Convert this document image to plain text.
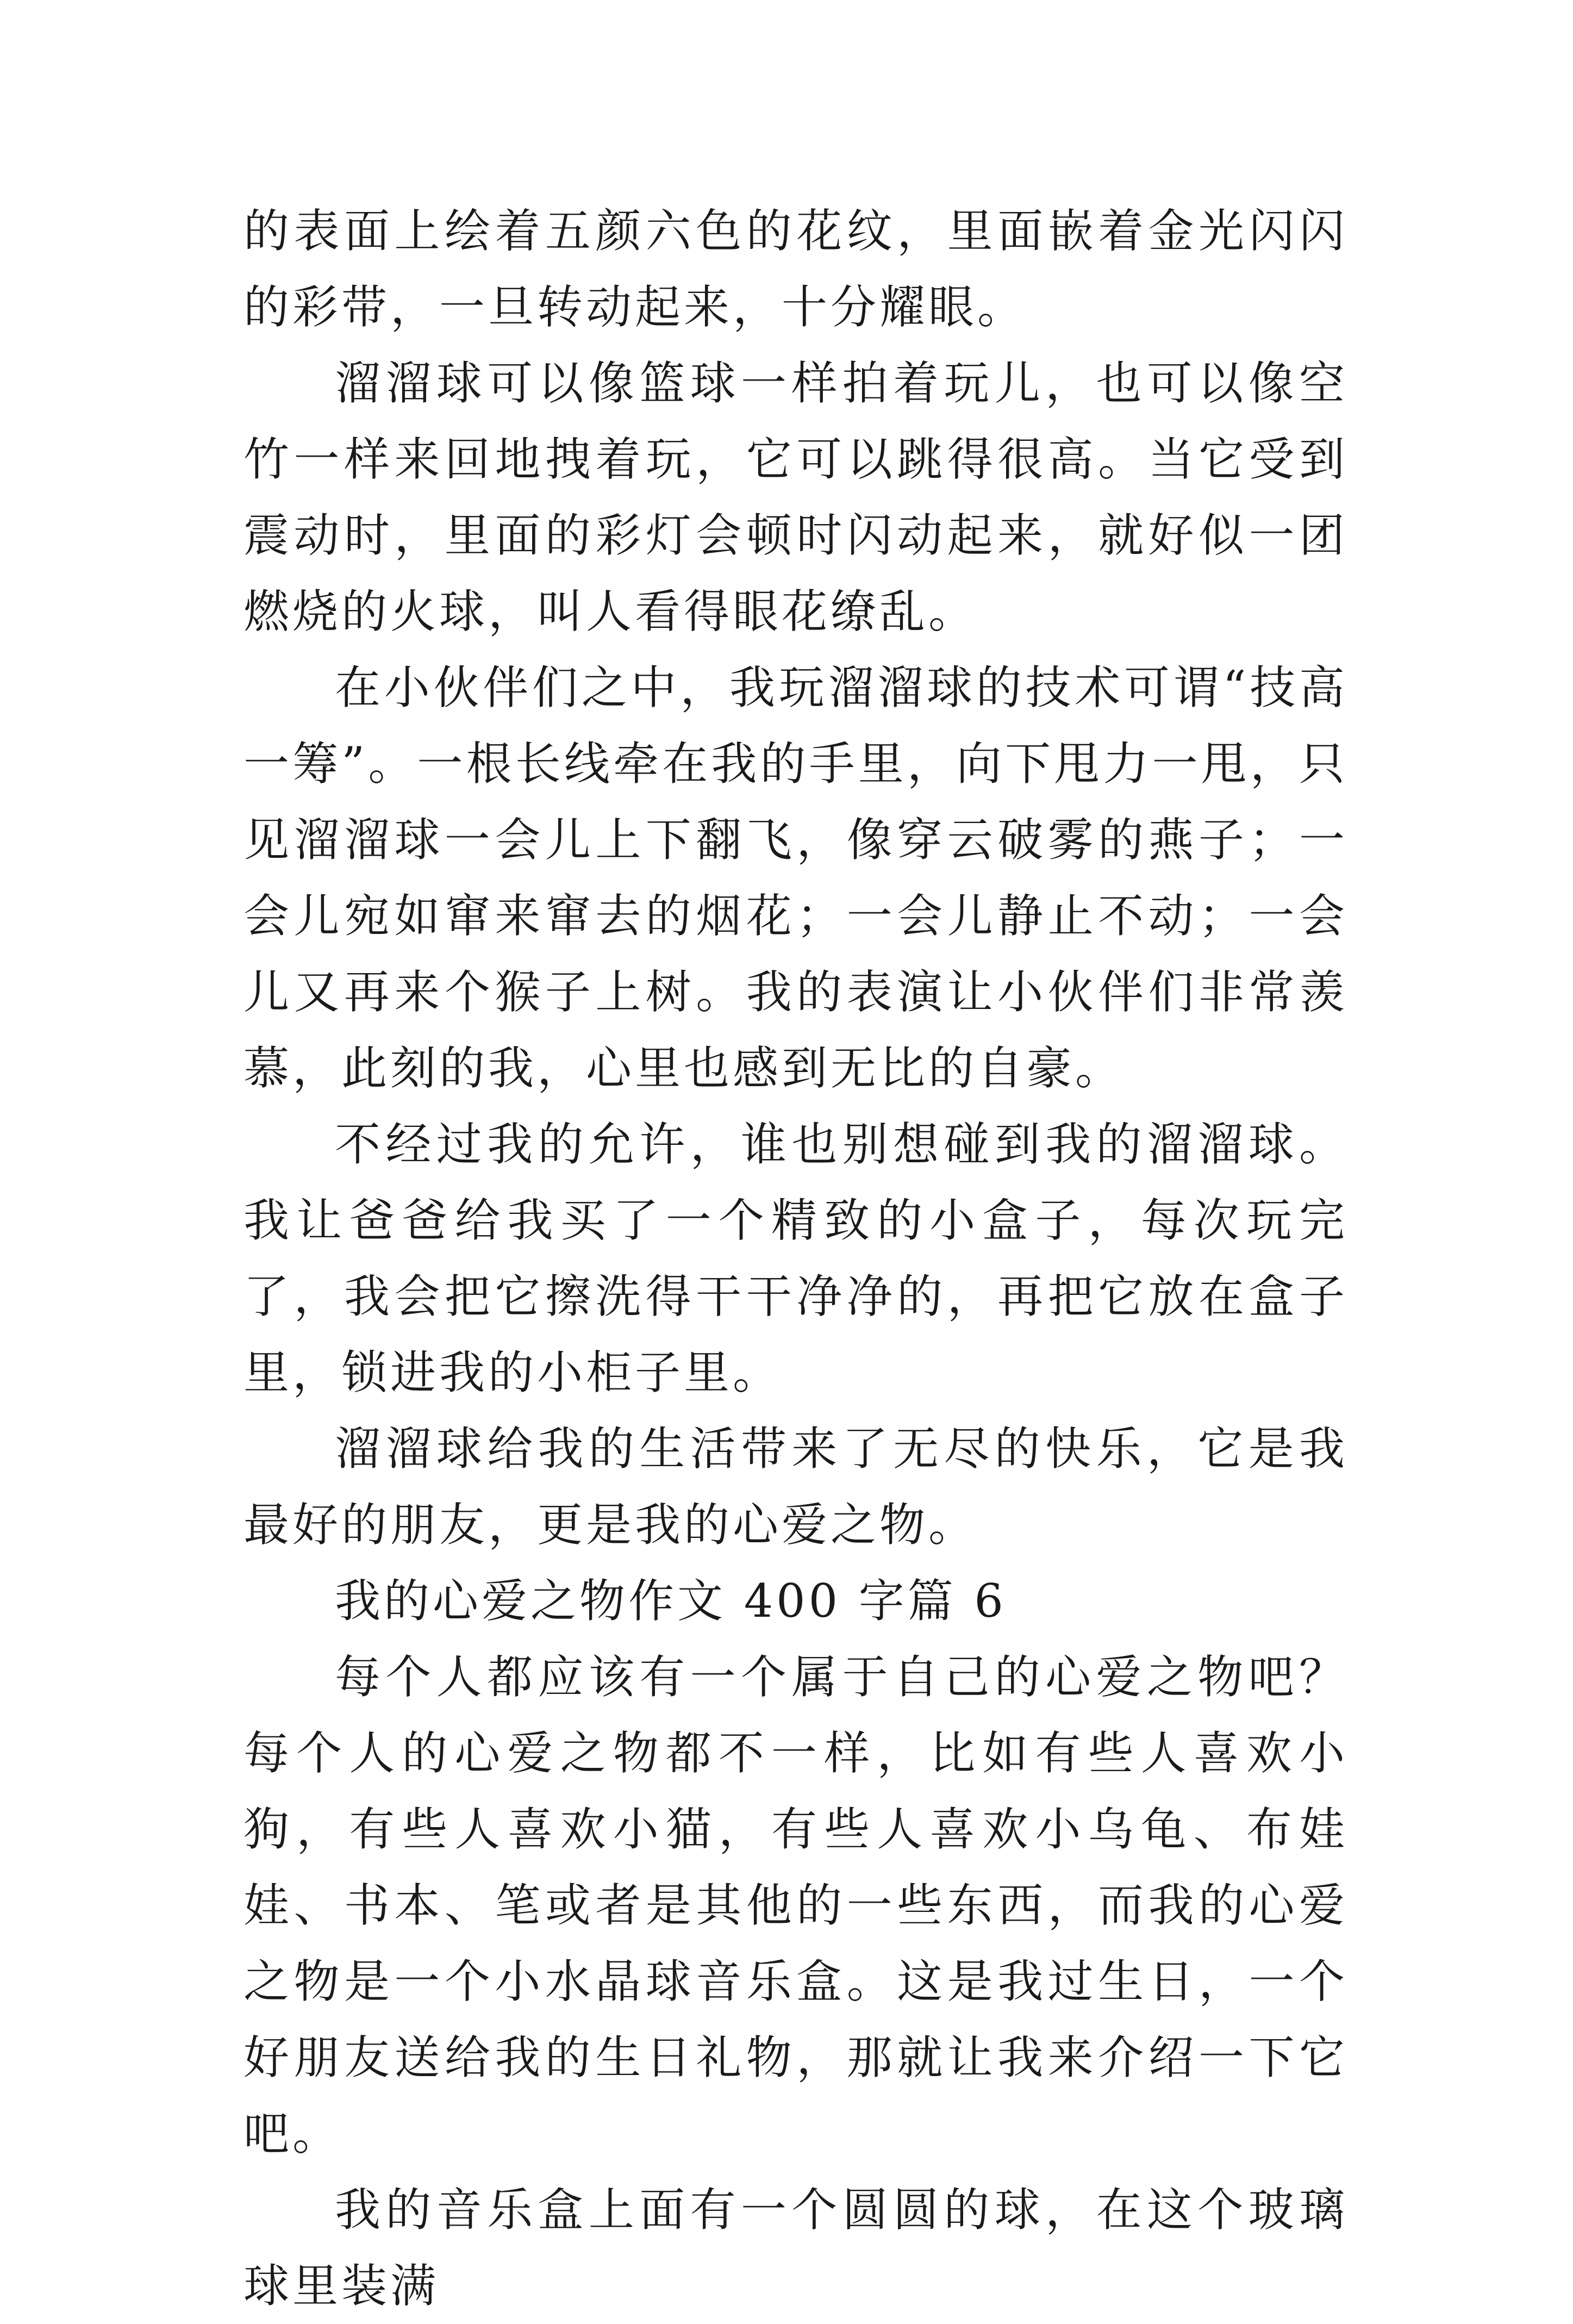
的表面上绘着五颜六色的花纹，里面嵌着金光闪闪的彩带，一旦转动起来，十分耀眼。

溜溜球可以像篮球一样拍着玩儿，也可以像空竹一样来回地拽着玩，它可以跳得很高。当它受到震动时，里面的彩灯会顿时闪动起来，就好似一团燃烧的火球，叫人看得眼花缭乱。

在小伙伴们之中，我玩溜溜球的技术可谓“技高一筹”。一根长线牵在我的手里，向下甩力一甩，只见溜溜球一会儿上下翻飞，像穿云破雾的燕子；一会儿宛如窜来窜去的烟花；一会儿静止不动；一会儿又再来个猴子上树。我的表演让小伙伴们非常羡慕，此刻的我，心里也感到无比的自豪。

不经过我的允许，谁也别想碰到我的溜溜球。我让爸爸给我买了一个精致的小盒子，每次玩完了，我会把它擦洗得干干净净的，再把它放在盒子里，锁进我的小柜子里。

溜溜球给我的生活带来了无尽的快乐，它是我最好的朋友，更是我的心爱之物。

我的心爱之物作文 400 字篇 6

每个人都应该有一个属于自己的心爱之物吧？每个人的心爱之物都不一样，比如有些人喜欢小狗，有些人喜欢小猫，有些人喜欢小乌龟、布娃娃、书本、笔或者是其他的一些东西，而我的心爱之物是一个小水晶球音乐盒。这是我过生日，一个好朋友送给我的生日礼物，那就让我来介绍一下它吧。

我的音乐盒上面有一个圆圆的球，在这个玻璃球里装满
